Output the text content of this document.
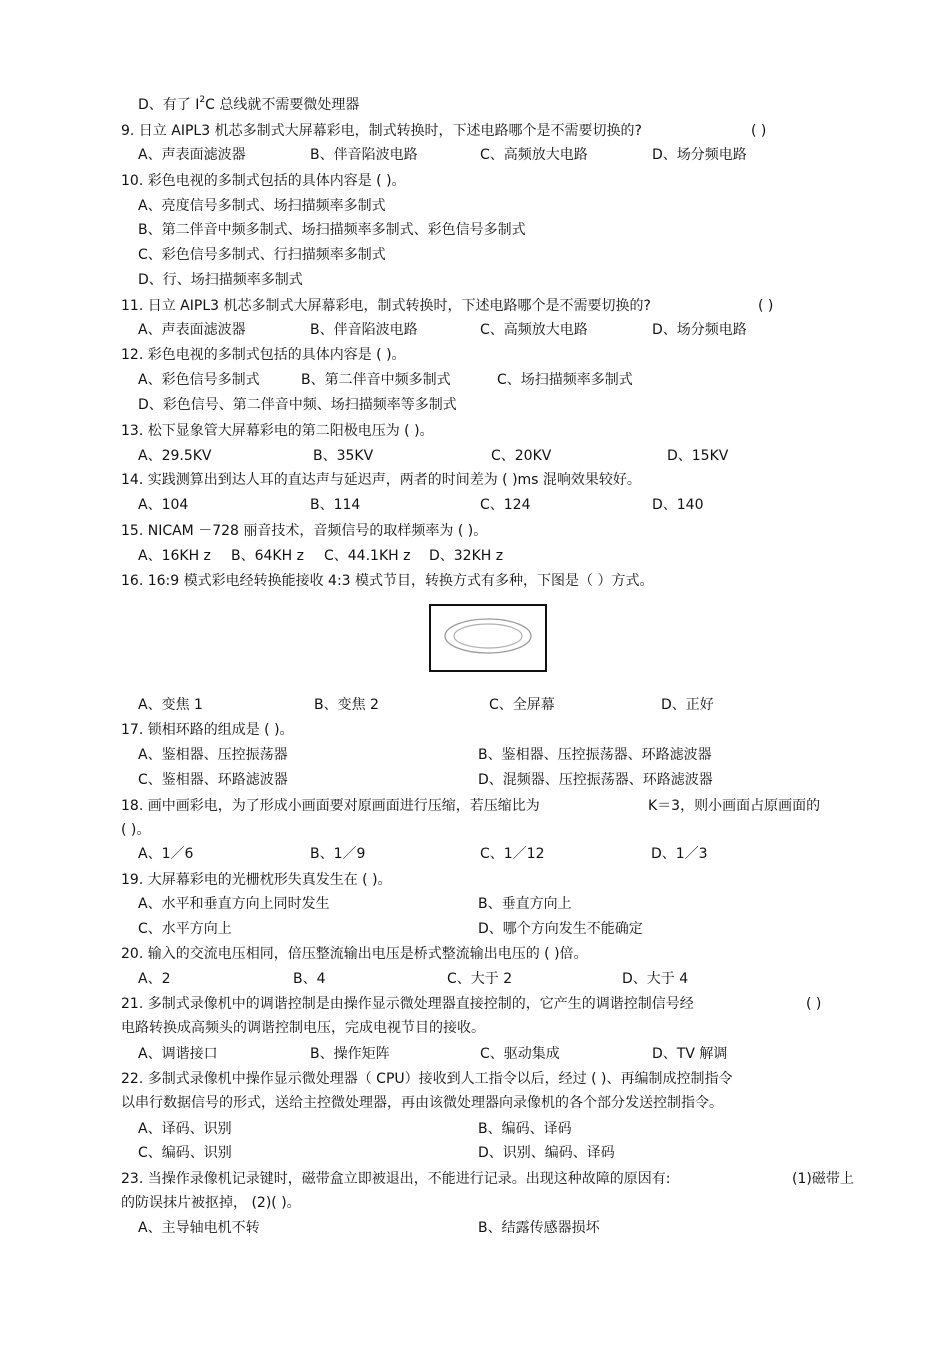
D、有了 $I^2C$ 总线就不需要微处理器
9. 日立 AIPL3 机芯多制式大屏幕彩电，制式转换时，下述电路哪个是不需要切换的?	( )
A、声表面滤波器	B、伴音陷波电路	C、高频放大电路	D、场分频电路
10. 彩色电视的多制式包括的具体内容是 ( )。
A、亮度信号多制式、场扫描频率多制式
B、第二伴音中频多制式、场扫描频率多制式、彩色信号多制式
C、彩色信号多制式、行扫描频率多制式
D、行、场扫描频率多制式
11. 日立 AIPL3 机芯多制式大屏幕彩电，制式转换时，下述电路哪个是不需要切换的?	( )
A、声表面滤波器	B、伴音陷波电路	C、高频放大电路	D、场分频电路
12. 彩色电视的多制式包括的具体内容是 ( )。
A、彩色信号多制式	B、第二伴音中频多制式	C、场扫描频率多制式
D、彩色信号、第二伴音中频、场扫描频率等多制式
13. 松下显象管大屏幕彩电的第二阳极电压为 ( )。
A、29.5KV	B、35KV	C、20KV	D、15KV
14. 实践测算出到达人耳的直达声与延迟声，两者的时间差为 ( )ms 混响效果较好。
A、104	B、114	C、124	D、140
15. NICAM －728 丽音技术，音频信号的取样频率为 ( )。
A、16KH z B、64KH z C、44.1KH z D、32KH z
16. 16:9 模式彩电经转换能接收 4:3 模式节目，转换方式有多种，下图是（ ）方式。
A、变焦 1	B、变焦 2	C、全屏幕	D、正好
17. 锁相环路的组成是 ( )。
A、鉴相器、压控振荡器	B、鉴相器、压控振荡器、环路滤波器
C、鉴相器、环路滤波器	D、混频器、压控振荡器、环路滤波器
18. 画中画彩电，为了形成小画面要对原画面进行压缩，若压缩比为	K＝3，则小画面占原画面的
( )。
A、1／6	B、1／9	C、1／12	D、1／3
19. 大屏幕彩电的光栅枕形失真发生在 ( )。
A、水平和垂直方向上同时发生	B、垂直方向上
C、水平方向上	D、哪个方向发生不能确定
20. 输入的交流电压相同，倍压整流输出电压是桥式整流输出电压的 ( )倍。
A、2	B、4	C、大于 2	D、大于 4
21. 多制式录像机中的调谐控制是由操作显示微处理器直接控制的，它产生的调谐控制信号经	( )
电路转换成高频头的调谐控制电压，完成电视节目的接收。
A、调谐接口	B、操作矩阵	C、驱动集成	D、TV 解调
22. 多制式录像机中操作显示微处理器（ CPU）接收到人工指令以后，经过 ( )、再编制成控制指令
以串行数据信号的形式，送给主控微处理器，再由该微处理器向录像机的各个部分发送控制指令。
A、译码、识别	B、编码、译码
C、编码、识别	D、识别、编码、译码
23. 当操作录像机记录键时，磁带盒立即被退出，不能进行记录。出现这种故障的原因有:	(1)磁带上
的防误抹片被抠掉， (2)( )。
A、主导轴电机不转	B、结露传感器损坏
